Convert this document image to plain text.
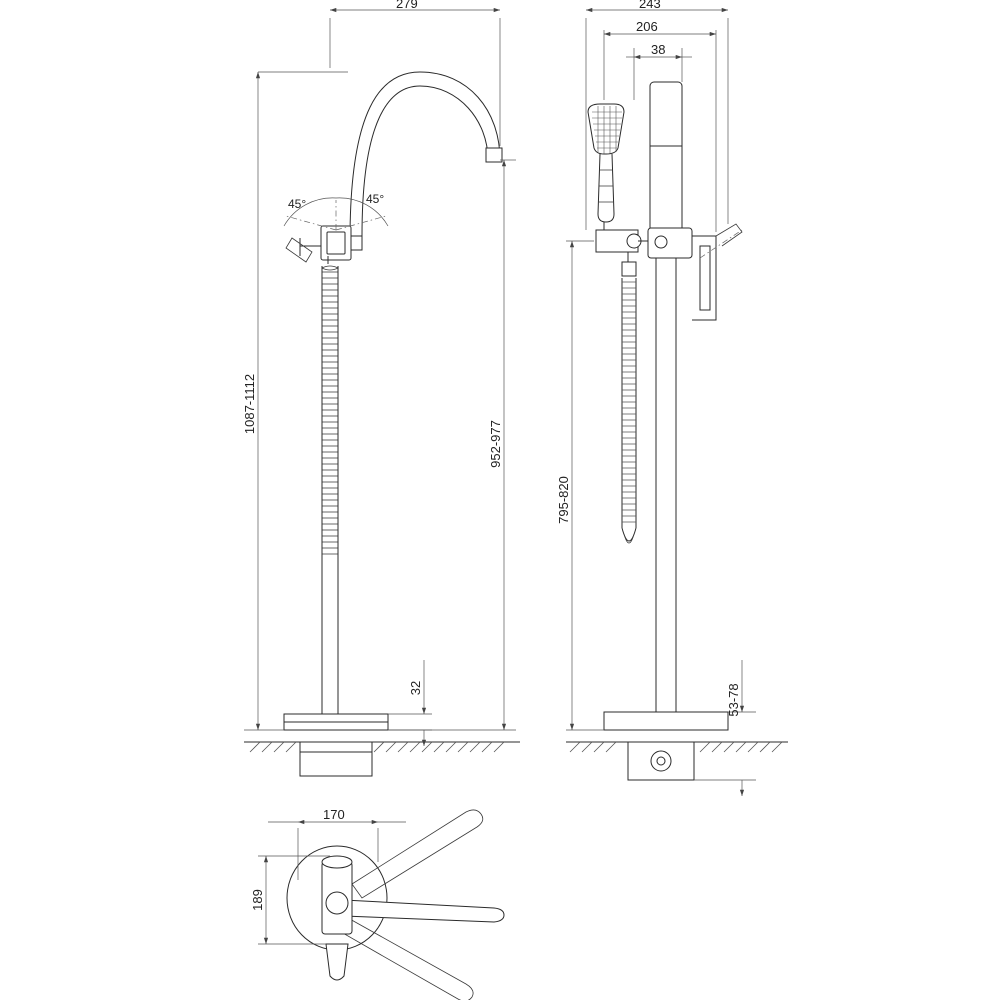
45°	45°
279
1087-1112
952-977
32
243
206
38
795-820
53-78
170
189
